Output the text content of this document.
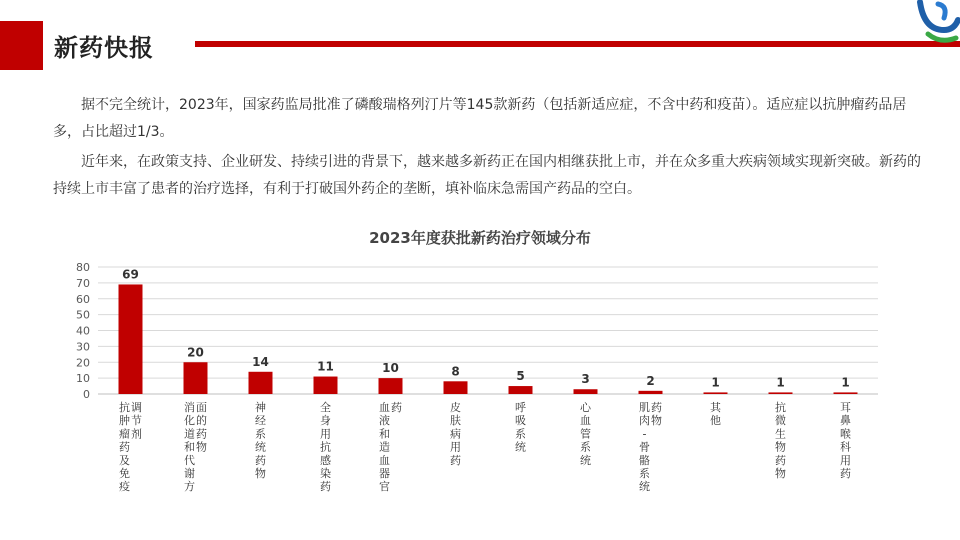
新药快报

据不完全统计，2023年，国家药监局批准了磷酸瑞格列汀片等145款新药（包括新适应症，不含中药和疫苗）。适应症以抗肿瘤药品居多，占比超过1/3。

近年来，在政策支持、企业研发、持续引进的背景下，越来越多新药正在国内相继获批上市，并在众多重大疾病领域实现新突破。新药的持续上市丰富了患者的治疗选择，有利于打破国外药企的垄断，填补临床急需国产药品的空白。

2023年度获批新药治疗领域分布
0
10
20
30
40
50
60
70
80	69
抗肿瘤药及免疫调节剂
20
消化道和代谢方面的药物
14
神经系统药物
11
全身用抗感染药
10
血液和造血器官药
8
皮肤病用药
5
呼吸系统
3
心血管系统
2
肌肉-骨骼系统药物
1
其他
1
抗微生物药物
1
耳鼻喉科用药
